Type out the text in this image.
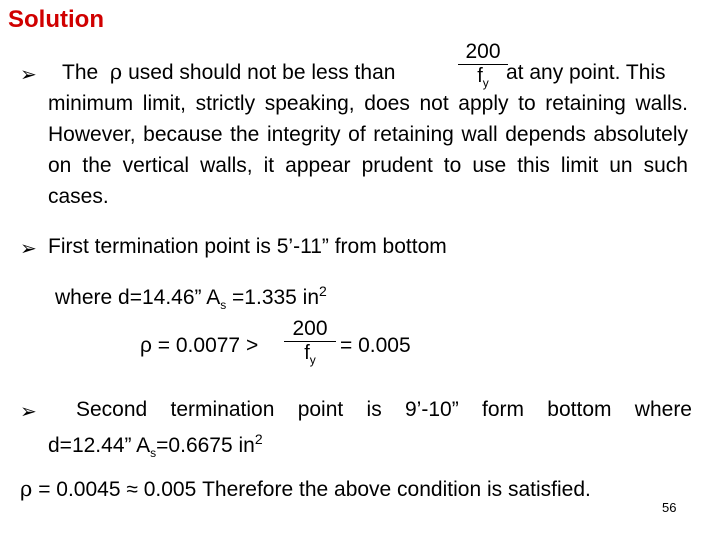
Solution
➢ The ρ used should not be less than
200
$f_y$ at any point. This
minimum limit, strictly speaking, does not apply to retaining walls. However, because the integrity of retaining wall depends absolutely on the vertical walls, it appear prudent to use this limit un such cases.
➢ First termination point is 5’-11” from bottom
where d=14.46” $A_s =1.335$ $in^2$
ρ = 0.0077 >
200
$f_y$
= 0.005
➢ Second termination point is 9’-10” form bottom where
d=12.44” $A_s=0.6675$ $in^2$
ρ = 0.0045 ≈ 0.005 Therefore the above condition is satisfied.
56
